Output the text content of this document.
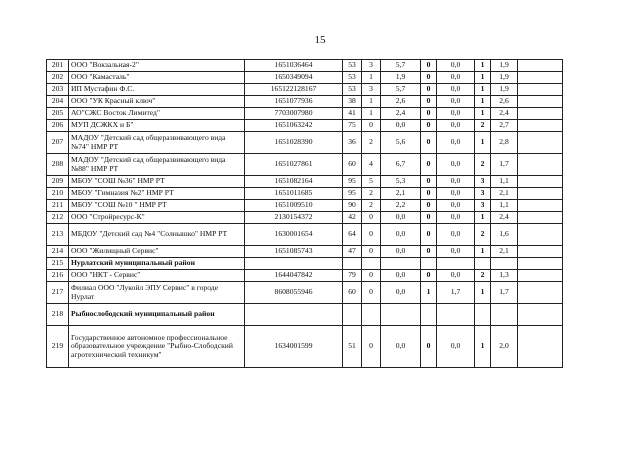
15
201	ООО "Вокзальная-2"	1651036464	53	3	5,7	0	0,0	1	1,9	
202	ООО "Камасталь"	1650349094	53	1	1,9	0	0,0	1	1,9	
203	ИП Мустафин Ф.С.	165122128167	53	3	5,7	0	0,0	1	1,9	
204	ООО "УК Красный ключ"	1651077936	38	1	2,6	0	0,0	1	2,6	
205	АО"СЖС Восток Лимитед"	7703007980	41	1	2,4	0	0,0	1	2,4	
206	МУП ДСЖКХ и Б"	1651063242	75	0	0,0	0	0,0	2	2,7	
207	МАДОУ "Детский сад общеразвивающего вида №74" НМР РТ	1651028390	36	2	5,6	0	0,0	1	2,8	
208	МАДОУ "Детский сад общеразвивающего вида №88" НМР РТ	1651027861	60	4	6,7	0	0,0	2	1,7	
209	МБОУ "СОШ №36" НМР РТ	1651082164	95	5	5,3	0	0,0	3	1,1	
210	МБОУ "Гимназия №2" НМР РТ	1651011685	95	2	2,1	0	0,0	3	2,1	
211	МБОУ "СОШ №10 " НМР РТ	1651009510	90	2	2,2	0	0,0	3	1,1	
212	ООО "Стройресурс-К"	2130154372	42	0	0,0	0	0,0	1	2,4	
213	МБДОУ "Детский сад №4 "Солнышко" НМР РТ	1630001654	64	0	0,0	0	0,0	2	1,6	
214	ООО "Жилищный Сервис"	1651085743	47	0	0,0	0	0,0	1	2,1	
215	Нурлатский муниципальный район									
216	ООО "НКТ - Сервис"	1644047842	79	0	0,0	0	0,0	2	1,3	
217	Филиал ООО "Лукойл ЭПУ Сервис" в городе Нурлат	8608055946	60	0	0,0	1	1,7	1	1,7	
218	Рыбнослободский муниципальный район									
219	Государственное автономное профессиональное образовательное учреждение "Рыбно-Слободский агротехнический техникум"	1634001599	51	0	0,0	0	0,0	1	2,0	
